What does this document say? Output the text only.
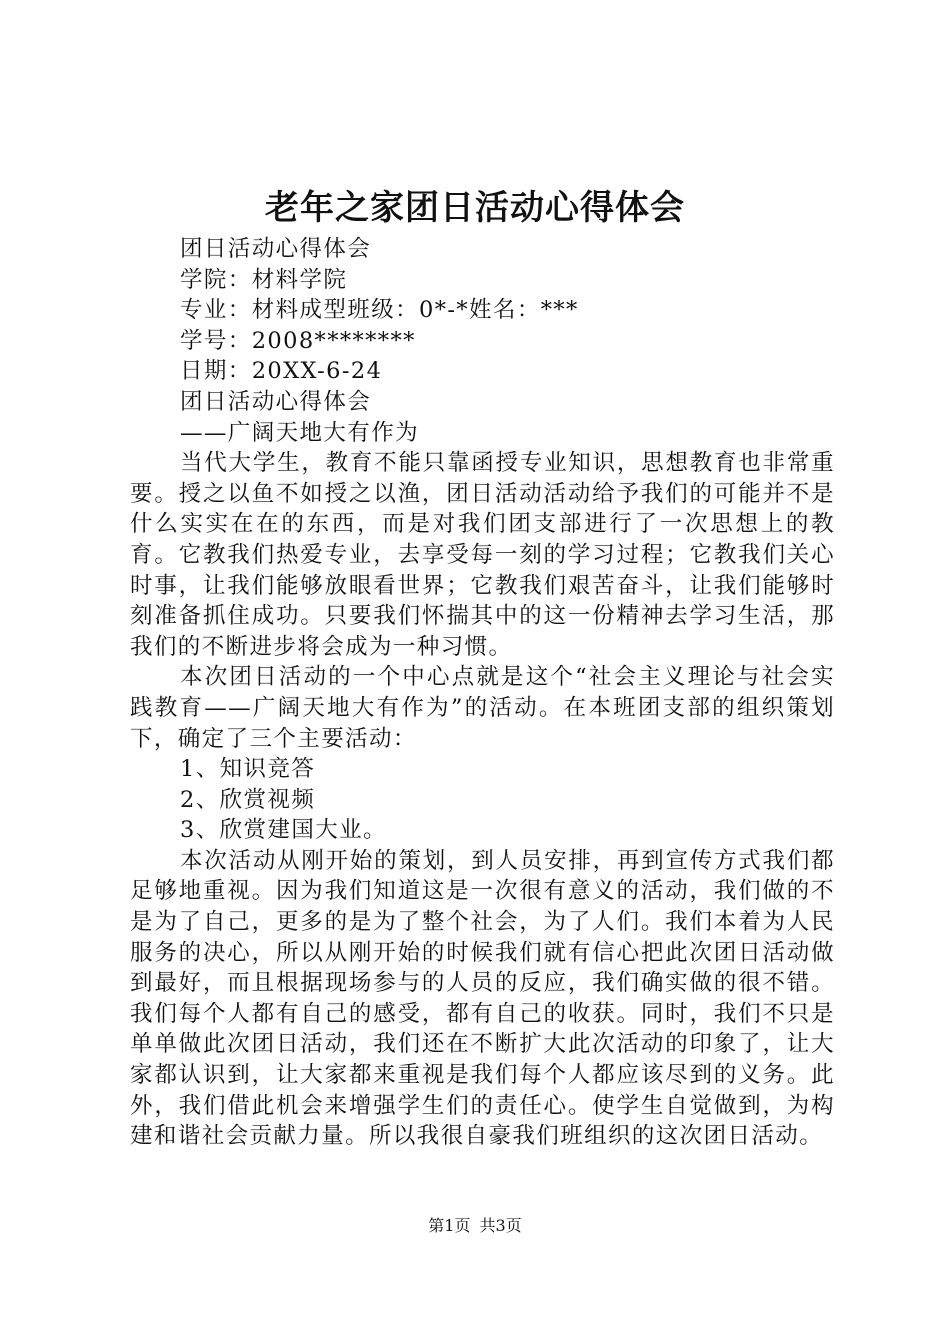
老年之家团日活动心得体会

团日活动心得体会

学院：材料学院

专业：材料成型班级：0*-*姓名：***

学号：2008********

日期：20XX-6-24

团日活动心得体会

——广阔天地大有作为

当代大学生，教育不能只靠函授专业知识，思想教育也非常重要。授之以鱼不如授之以渔，团日活动活动给予我们的可能并不是什么实实在在的东西，而是对我们团支部进行了一次思想上的教育。它教我们热爱专业，去享受每一刻的学习过程；它教我们关心时事，让我们能够放眼看世界；它教我们艰苦奋斗，让我们能够时刻准备抓住成功。只要我们怀揣其中的这一份精神去学习生活，那我们的不断进步将会成为一种习惯。

本次团日活动的一个中心点就是这个“社会主义理论与社会实践教育——广阔天地大有作为”的活动。在本班团支部的组织策划下，确定了三个主要活动：

1、知识竞答

2、欣赏视频

3、欣赏建国大业。

本次活动从刚开始的策划，到人员安排，再到宣传方式我们都足够地重视。因为我们知道这是一次很有意义的活动，我们做的不是为了自己，更多的是为了整个社会，为了人们。我们本着为人民服务的决心，所以从刚开始的时候我们就有信心把此次团日活动做到最好，而且根据现场参与的人员的反应，我们确实做的很不错。我们每个人都有自己的感受，都有自己的收获。同时，我们不只是单单做此次团日活动，我们还在不断扩大此次活动的印象了，让大家都认识到，让大家都来重视是我们每个人都应该尽到的义务。此外，我们借此机会来增强学生们的责任心。使学生自觉做到，为构建和谐社会贡献力量。所以我很自豪我们班组织的这次团日活动。

第1页 共3页
